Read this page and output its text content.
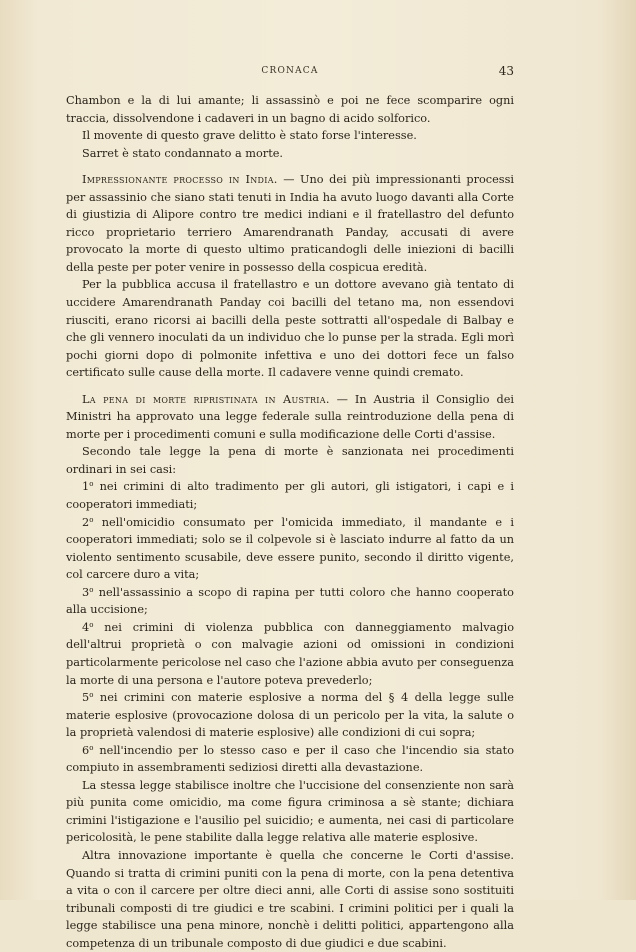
CRONACA	43

Chambon e la di lui amante; li assassinò e poi ne fece scomparire ogni traccia, dissolvendone i cadaveri in un bagno di acido solforico.

Il movente di questo grave delitto è stato forse l'interesse.

Sarret è stato condannato a morte.

Impressionante processo in India. — Uno dei più impressionanti processi per assassinio che siano stati tenuti in India ha avuto luogo davanti alla Corte di giustizia di Alipore contro tre medici indiani e il fratellastro del defunto ricco proprietario terriero Amarendranath Panday, accusati di avere provocato la morte di questo ultimo praticandogli delle iniezioni di bacilli della peste per poter venire in possesso della cospicua eredità.

Per la pubblica accusa il fratellastro e un dottore avevano già tentato di uccidere Amarendranath Panday coi bacilli del tetano ma, non essendovi riusciti, erano ricorsi ai bacilli della peste sottratti all'ospedale di Balbay e che gli vennero inoculati da un individuo che lo punse per la strada. Egli morì pochi giorni dopo di polmonite infettiva e uno dei dottori fece un falso certificato sulle cause della morte. Il cadavere venne quindi cremato.

La pena di morte ripristinata in Austria. — In Austria il Consiglio dei Ministri ha approvato una legge federale sulla reintroduzione della pena di morte per i procedimenti comuni e sulla modificazione delle Corti d'assise.

Secondo tale legge la pena di morte è sanzionata nei procedimenti ordinari in sei casi:

1$^o$ nei crimini di alto tradimento per gli autori, gli istigatori, i capi e i cooperatori immediati;

2$^o$ nell'omicidio consumato per l'omicida immediato, il mandante e i cooperatori immediati; solo se il colpevole si è lasciato indurre al fatto da un violento sentimento scusabile, deve essere punito, secondo il diritto vigente, col carcere duro a vita;

3$^o$ nell'assassinio a scopo di rapina per tutti coloro che hanno cooperato alla uccisione;

4$^o$ nei crimini di violenza pubblica con danneggiamento malvagio dell'altrui proprietà o con malvagie azioni od omissioni in condizioni particolarmente pericolose nel caso che l'azione abbia avuto per conseguenza la morte di una persona e l'autore poteva prevederlo;

5$^o$ nei crimini con materie esplosive a norma del § 4 della legge sulle materie esplosive (provocazione dolosa di un pericolo per la vita, la salute o la proprietà valendosi di materie esplosive) alle condizioni di cui sopra;

6$^o$ nell'incendio per lo stesso caso e per il caso che l'incendio sia stato compiuto in assembramenti sediziosi diretti alla devastazione.

La stessa legge stabilisce inoltre che l'uccisione del consenziente non sarà più punita come omicidio, ma come figura criminosa a sè stante; dichiara crimini l'istigazione e l'ausilio pel suicidio; e aumenta, nei casi di particolare pericolosità, le pene stabilite dalla legge relativa alle materie esplosive.

Altra innovazione importante è quella che concerne le Corti d'assise. Quando si tratta di crimini puniti con la pena di morte, con la pena detentiva a vita o con il carcere per oltre dieci anni, alle Corti di assise sono sostituiti tribunali composti di tre giudici e tre scabini. I crimini politici per i quali la legge stabilisce una pena minore, nonchè i delitti politici, appartengono alla competenza di un tribunale composto di due giudici e due scabini.
